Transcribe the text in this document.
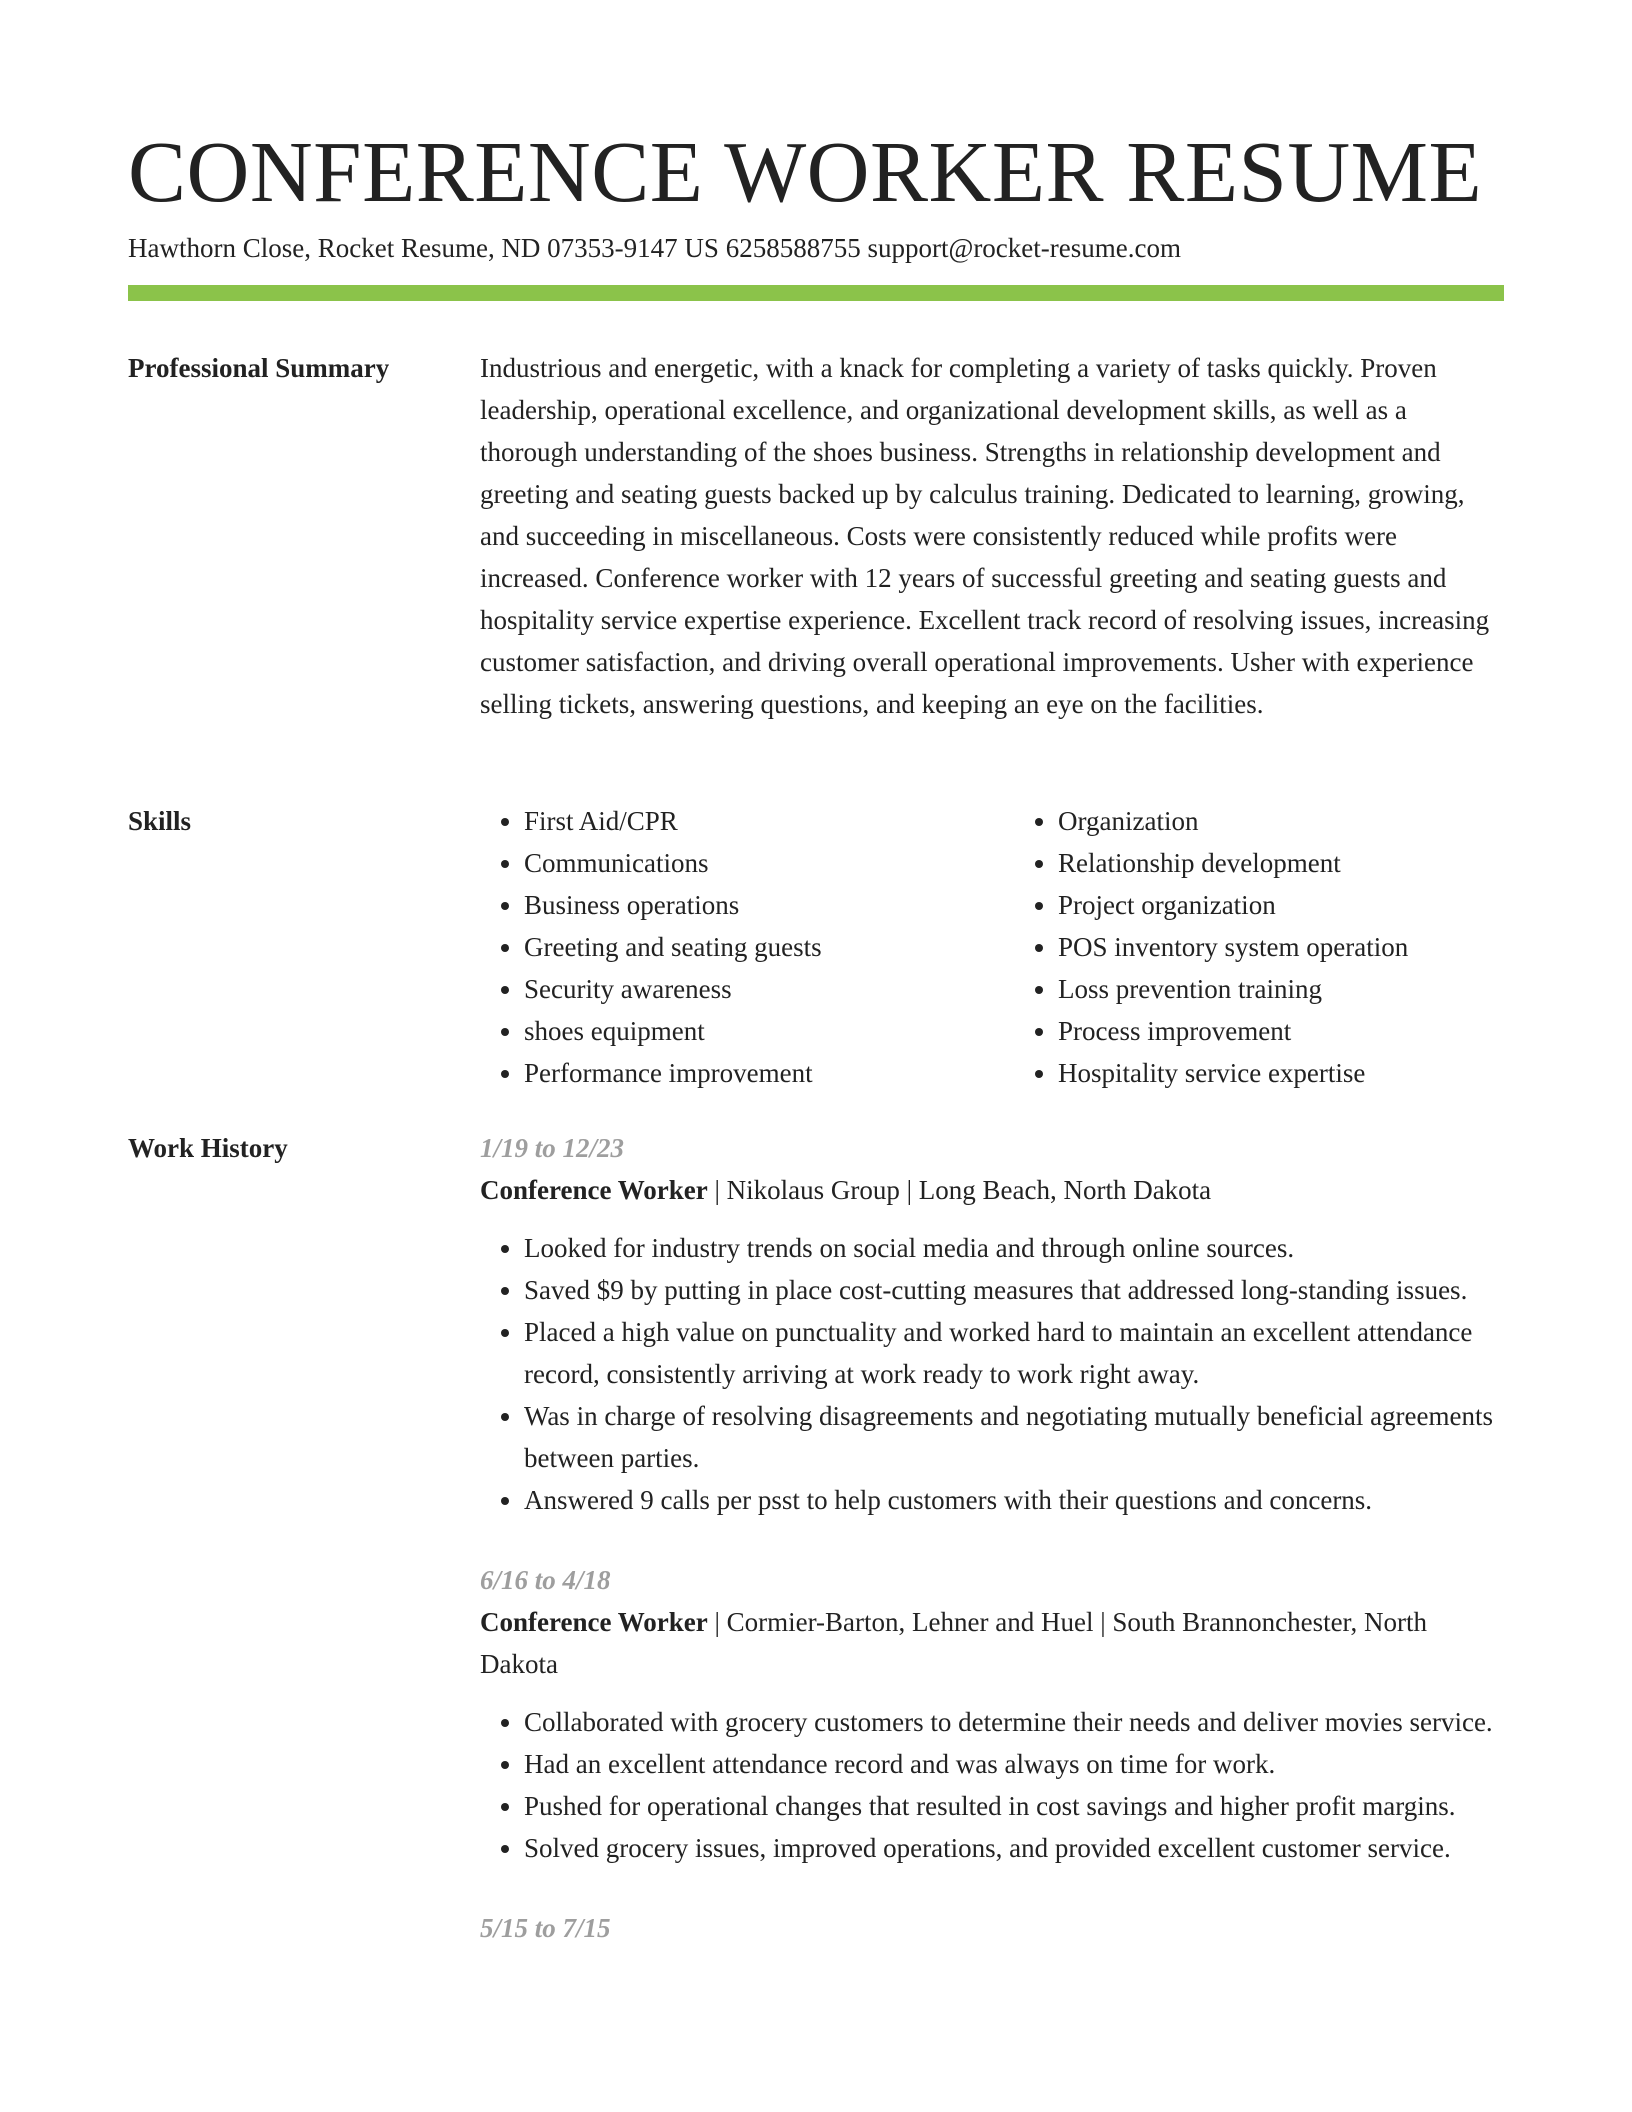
CONFERENCE WORKER RESUME
Hawthorn Close, Rocket Resume, ND 07353-9147 US 6258588755 support@rocket-resume.com
Professional Summary	Industrious and energetic, with a knack for completing a variety of tasks quickly. Proven leadership, operational excellence, and organizational development skills, as well as a thorough understanding of the shoes business. Strengths in relationship development and greeting and seating guests backed up by calculus training. Dedicated to learning, growing, and succeeding in miscellaneous. Costs were consistently reduced while profits were increased. Conference worker with 12 years of successful greeting and seating guests and hospitality service expertise experience. Excellent track record of resolving issues, increasing customer satisfaction, and driving overall operational improvements. Usher with experience selling tickets, answering questions, and keeping an eye on the facilities.

Skills
•	First Aid/CPR
• Communications
• Business operations
• Greeting and seating guests
• Security awareness
• shoes equipment
• Performance improvement
• Organization
• Relationship development
• Project organization
• POS inventory system operation
• Loss prevention training
• Process improvement
• Hospitality service expertise
Work History	1/19 to 12/23
Conference Worker | Nikolaus Group | Long Beach, North Dakota
• Looked for industry trends on social media and through online sources.
• Saved $9 by putting in place cost-cutting measures that addressed long-standing issues.
• Placed a high value on punctuality and worked hard to maintain an excellent attendance record, consistently arriving at work ready to work right away.
• Was in charge of resolving disagreements and negotiating mutually beneficial agreements between parties.
• Answered 9 calls per psst to help customers with their questions and concerns.
6/16 to 4/18
Conference Worker | Cormier-Barton, Lehner and Huel | South Brannonchester, North Dakota
• Collaborated with grocery customers to determine their needs and deliver movies service.
• Had an excellent attendance record and was always on time for work.
• Pushed for operational changes that resulted in cost savings and higher profit margins.
• Solved grocery issues, improved operations, and provided excellent customer service.
5/15 to 7/15
